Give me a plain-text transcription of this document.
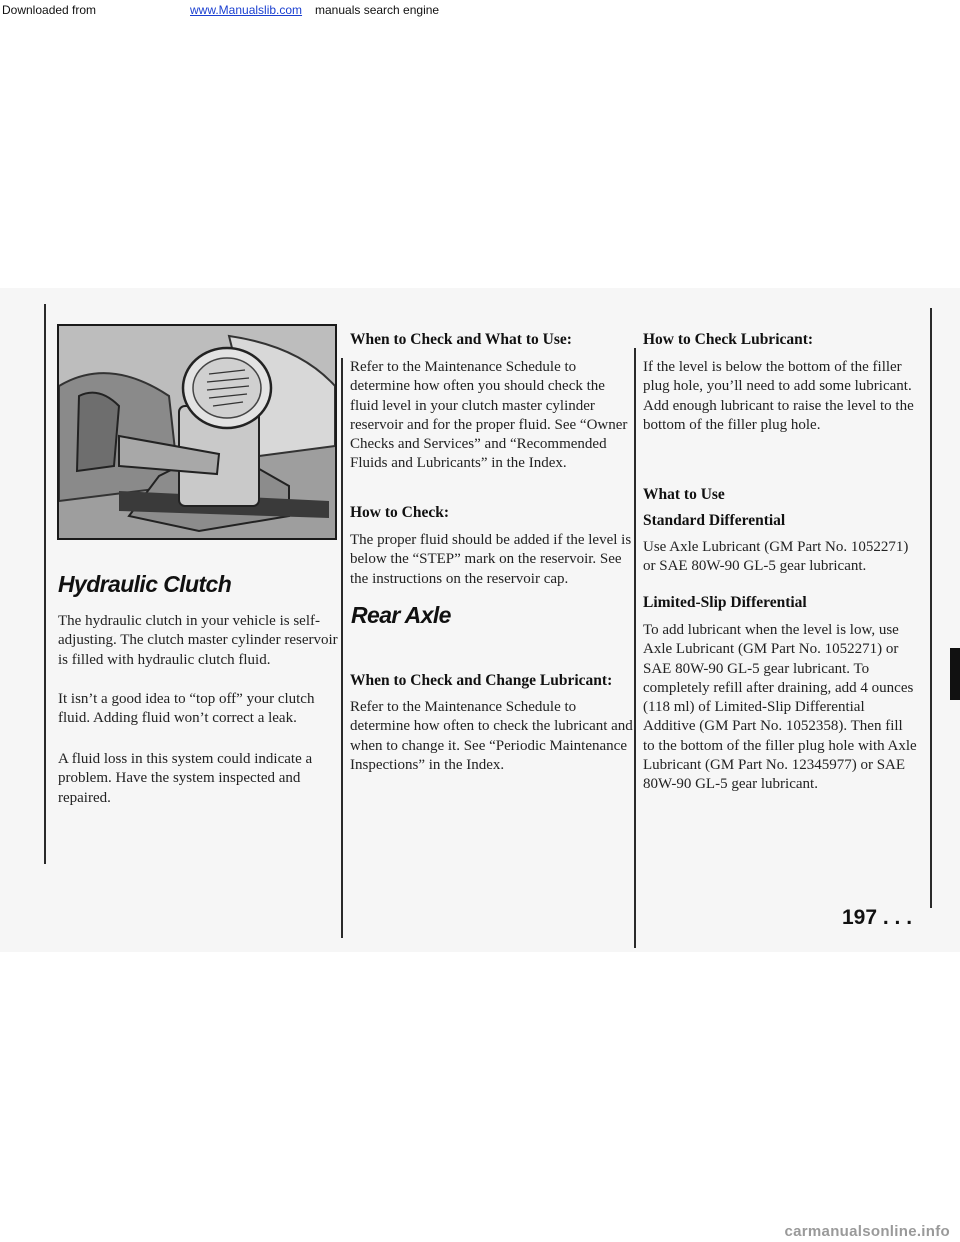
Downloaded from	www.Manualslib.com manuals search engine
Hydraulic Clutch

The hydraulic clutch in your vehicle is self-adjusting. The clutch master cylinder reservoir is filled with hydraulic clutch fluid.

It isn’t a good idea to “top off” your clutch fluid. Adding fluid won’t correct a leak.

A fluid loss in this system could indicate a problem. Have the system inspected and repaired.

When to Check and What to Use:

Refer to the Maintenance Schedule to determine how often you should check the fluid level in your clutch master cylinder reservoir and for the proper fluid. See “Owner Checks and Services” and “Recommended Fluids and Lubricants” in the Index.

How to Check:

The proper fluid should be added if the level is below the “STEP” mark on the reservoir. See the instructions on the reservoir cap.

Rear Axle
When to Check and Change Lubricant:

Refer to the Maintenance Schedule to determine how often to check the lubricant and when to change it. See “Periodic Maintenance Inspections” in the Index.

How to Check Lubricant:

If the level is below the bottom of the filler plug hole, you’ll need to add some lubricant. Add enough lubricant to raise the level to the bottom of the filler plug hole.

What to Use
Standard Differential

Use Axle Lubricant (GM Part No. 1052271) or SAE 80W-90 GL-5 gear lubricant.

Limited-Slip Differential

To add lubricant when the level is low, use Axle Lubricant (GM Part No. 1052271) or SAE 80W-90 GL-5 gear lubricant. To completely refill after draining, add 4 ounces (118 ml) of Limited-Slip Differential Additive (GM Part No. 1052358). Then fill to the bottom of the filler plug hole with Axle Lubricant (GM Part No. 12345977) or SAE 80W-90 GL-5 gear lubricant.

197 . . .
carmanualsonline.info
